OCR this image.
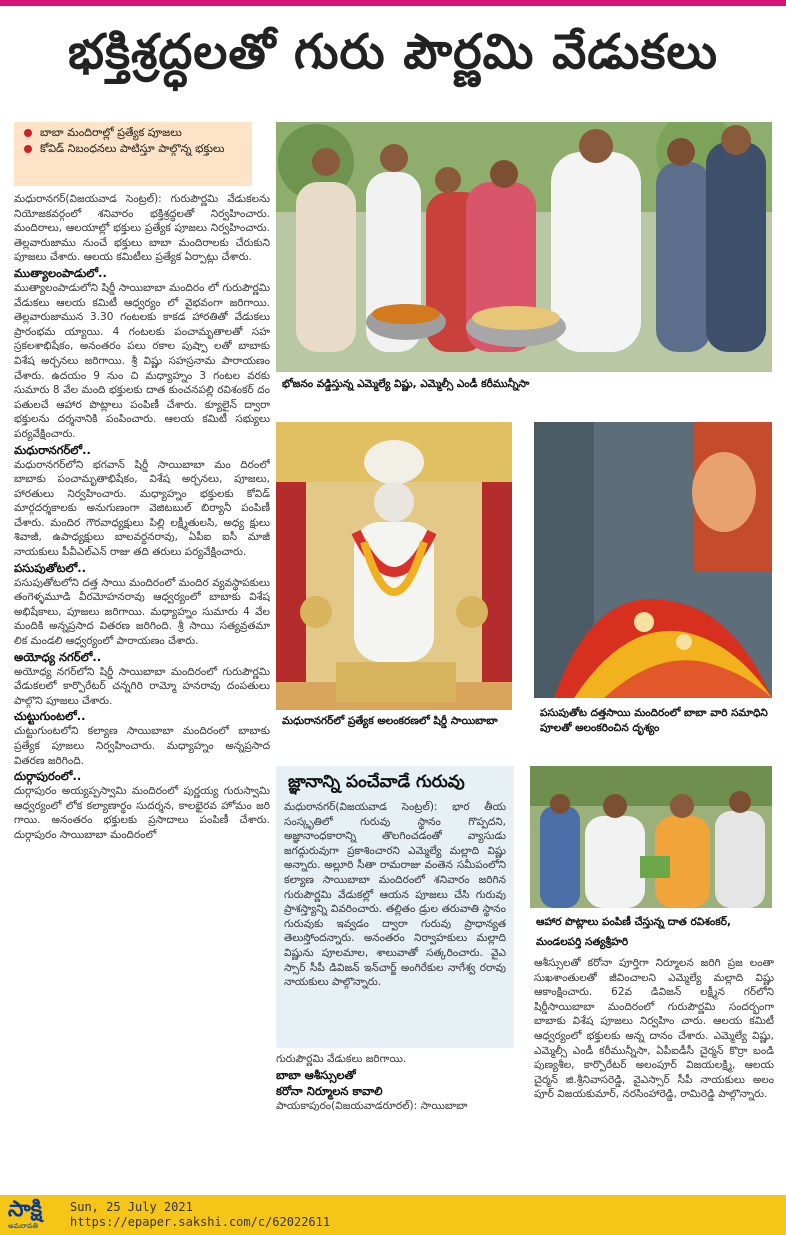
భక్తిశ్రద్ధలతో గురు పౌర్ణమి వేడుకలు
బాబా మందిరాల్లో ప్రత్యేక పూజలు
కోవిడ్ నిబంధనలు పాటిస్తూ పాల్గొన్న భక్తులు

మధురానగర్(విజయవాడ సెంట్రల్): గురుపౌర్ణమి వేడుకలను నియోజకవర్గంలో శనివారం భక్తిశ్రద్ధలతో నిర్వహించారు. మందిరాలు, ఆలయాల్లో భక్తులు ప్రత్యేక పూజలు నిర్వహించారు. తెల్లవారుజాము నుంచే భక్తులు బాబా మందిరాలకు చేరుకుని పూజలు చేశారు. ఆలయ కమిటీలు ప్రత్యేక ఏర్పాట్లు చేశారు.

ముత్యాలంపాడులో..

ముత్యాలంపాడులోని షిర్డీ సాయిబాబా మందిరం లో గురుపౌర్ణమి వేడుకలు ఆలయ కమిటీ ఆధ్వర్యం లో వైభవంగా జరిగాయి. తెల్లవారుజామున 3.30 గంటలకు కాకడ హారతితో వేడుకలు ప్రారంభమ య్యాయి. 4 గంటలకు పంచామృతాలతో సహ స్రకలశాభిషేకం, అనంతరం పలు రకాల పుష్పా లతో బాబాకు విశేష అర్చనలు జరిగాయి. శ్రీ విష్ణు సహస్రనామ పారాయణం చేశారు. ఉదయం 9 నుం చి మధ్యాహ్నం 3 గంటల వరకు సుమారు 8 వేల మంది భక్తులకు దాత కుంచనపల్లి రవిశంకర్ దం పతులచే ఆహార పొట్లాలు పంపిణీ చేశారు. క్యూలైన్ ద్వారా భక్తులను దర్శనానికి పంపించారు. ఆలయ కమిటీ సభ్యులు పర్యవేక్షించారు.

మధురానగర్‌లో..

మధురానగర్‌లోని భగవాన్ షిర్డీ సాయిబాబా మం దిరంలో బాబాకు పంచామృతాభిషేకం, విశేష అర్చనలు, పూజలు, హారతులు నిర్వహించారు. మధ్యాహ్నం భక్తులకు కోవిడ్ మార్గదర్శకాలకు అనుగుణంగా వెజిటబుల్ బిర్యానీ పంపిణీ చేశారు. మందిర గౌరవాధ్యక్షులు పిల్లి లక్ష్మీతులసి, అధ్య క్షులు శివాజీ, ఉపాధ్యక్షులు బాలవర్ధనరావు, ఏపీఐ ఐసీ మాజీ నాయకులు పీవీఎల్ఎన్ రాజు తది తరులు పర్యవేక్షించారు.

పసుపుతోటలో..

పసుపుతోటలోని దత్త సాయి మందిరంలో మందిర వ్యవస్థాపకులు తంగెళ్ళమూడి వీరమోహనరావు ఆధ్వర్యంలో బాబాకు విశేష అభిషేకాలు, పూజలు జరిగాయి. మధ్యాహ్నం సుమారు 4 వేల మందికి అన్నప్రసాద వితరణ జరిగింది. శ్రీ సాయి సత్యవ్రతమా లిక మండలి ఆధ్వర్యంలో పారాయణం చేశారు.

అయోధ్య నగర్‌లో..

అయోధ్య నగర్‌లోని షిర్డీ సాయిబాబా మందిరంలో గురుపౌర్ణమి వేడుకలలో కార్పొరేటర్ చన్నగిరి రామ్మో హనరావు దంపతులు పాల్గొని పూజలు చేశారు.

చుట్టుగుంటలో..

చుట్టుగుంటలోని కల్యాణ సాయిబాబా మందిరంలో బాబాకు ప్రత్యేక పూజలు నిర్వహించారు. మధ్యాహ్నం అన్నప్రసాద వితరణ జరిగింది.

దుర్గాపురంలో..

దుర్గాపురం అయ్యప్పస్వామి మందిరంలో పుర్ణయ్య గురుస్వామి ఆధ్వర్యంలో లోక కల్యాణార్థం సుదర్శన, కాలభైరవ హోమం జరి గాయి. అనంతరం భక్తులకు ప్రసాదాలు పంపిణీ చేశారు. దుర్గాపురం సాయిబాబా మందిరంలో

భోజనం వడ్డిస్తున్న ఎమ్మెల్యే విష్ణు, ఎమ్మెల్సీ ఎండీ కరీమున్నీసా
మధురానగర్‌లో ప్రత్యేక అలంకరణలో షిర్డీ సాయిబాబా
పసుపుతోట దత్తసాయి మందిరంలో బాబా వారి సమాధిని పూలతో అలంకరించిన దృశ్యం
జ్ఞానాన్ని పంచేవాడే గురువు

మధురానగర్(విజయవాడ సెంట్రల్): భార తీయ సంస్కృతిలో గురువు స్థానం గొప్పదని, అజ్ఞానాంధకారాన్ని తొలగించడంతో వ్యాసుడు జగద్గురువుగా ప్రకాశించారని ఎమ్మెల్యే మల్లాది విష్ణు అన్నారు. అల్లూరి సీతా రామరాజు వంతెన సమీపంలోని కల్యాణ సాయిబాబా మందిరంలో శనివారం జరిగిన గురుపౌర్ణమి వేడుకల్లో ఆయన పూజలు చేసి గురువు ప్రాశస్త్యాన్ని వివరించారు. తల్లితం డ్రుల తరువాతి స్థానం గురువుకు ఇవ్వడం ద్వారా గురువు ప్రాధాన్యత తెలుస్తోందన్నారు. అనంతరం నిర్వాహకులు మల్లాది విష్ణును పూలమాల, శాలువాతో సత్కరించారు. వైఎ స్సార్ సీపీ డివిజన్ ఇన్‌చార్జ్ అంగిరేకుల నాగేశ్వ రరావు నాయకులు పాల్గొన్నారు.

గురుపౌర్ణమి వేడుకలు జరిగాయి.

బాబా ఆశీస్సులతో
కరోనా నిర్మూలన కావాలి

పాయకాపురం(విజయవాడరూరల్): సాయిబాబా

ఆహార పొట్లాలు పంపిణీ చేస్తున్న దాత రవిశంకర్, మండలపర్తి సత్యశ్రీహరి

ఆశీస్సులతో కరోనా పూర్తిగా నిర్మూలన జరిగి ప్రజ లంతా సుఖశాంతులతో జీవించాలని ఎమ్మెల్యే మల్లాది విష్ణు ఆకాంక్షించారు. 62వ డివిజన్ లక్ష్మీన గర్‌లోని షిర్డీసాయిబాబా మందిరంలో గురుపౌర్ణమి సందర్భంగా బాబాకు విశేష పూజలు నిర్వహిం చారు. ఆలయ కమిటీ ఆధ్వర్యంలో భక్తులకు అన్న దానం చేశారు. ఎమ్మెల్యే విష్ణు, ఎమ్మెల్సీ ఎండీ కరీమున్నీసా, ఏపీఐడీసీ చైర్మన్ కొర్రా బండి పుణ్యశీల, కార్పొరేటర్ అలంపూర్ విజయలక్ష్మి, ఆలయ చైర్మన్ జి.శ్రీనివాసరెడ్డి, వైఎస్సార్ సీపీ నాయకులు అలం పూర్ విజయకుమార్, నరసింహారెడ్డి, రామిరెడ్డి పాల్గొన్నారు.

సాక్షి
అమరావతి
Sun, 25 July 2021
https://epaper.sakshi.com/c/62022611
